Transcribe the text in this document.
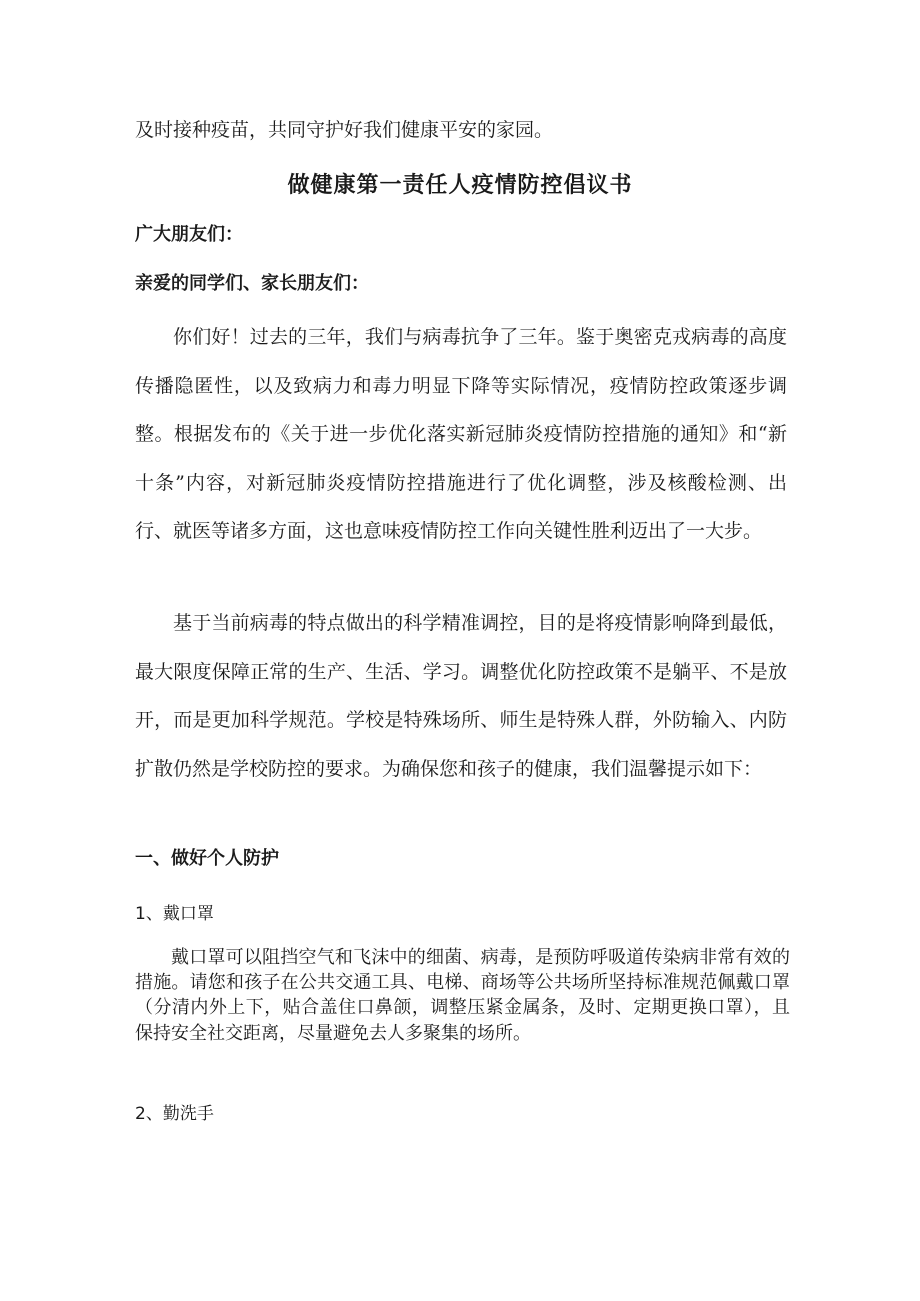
及时接种疫苗，共同守护好我们健康平安的家园。

做健康第一责任人疫情防控倡议书

广大朋友们：

亲爱的同学们、家长朋友们：

你们好！过去的三年，我们与病毒抗争了三年。鉴于奥密克戎病毒的高度传播隐匿性，以及致病力和毒力明显下降等实际情况，疫情防控政策逐步调整。根据发布的《关于进一步优化落实新冠肺炎疫情防控措施的通知》和“新十条”内容，对新冠肺炎疫情防控措施进行了优化调整，涉及核酸检测、出行、就医等诸多方面，这也意味疫情防控工作向关键性胜利迈出了一大步。

基于当前病毒的特点做出的科学精准调控，目的是将疫情影响降到最低，最大限度保障正常的生产、生活、学习。调整优化防控政策不是躺平、不是放开，而是更加科学规范。学校是特殊场所、师生是特殊人群，外防输入、内防扩散仍然是学校防控的要求。为确保您和孩子的健康，我们温馨提示如下：

一、做好个人防护

1、戴口罩

戴口罩可以阻挡空气和飞沫中的细菌、病毒，是预防呼吸道传染病非常有效的措施。请您和孩子在公共交通工具、电梯、商场等公共场所坚持标准规范佩戴口罩（分清内外上下，贴合盖住口鼻颌，调整压紧金属条，及时、定期更换口罩），且保持安全社交距离，尽量避免去人多聚集的场所。

2、勤洗手
